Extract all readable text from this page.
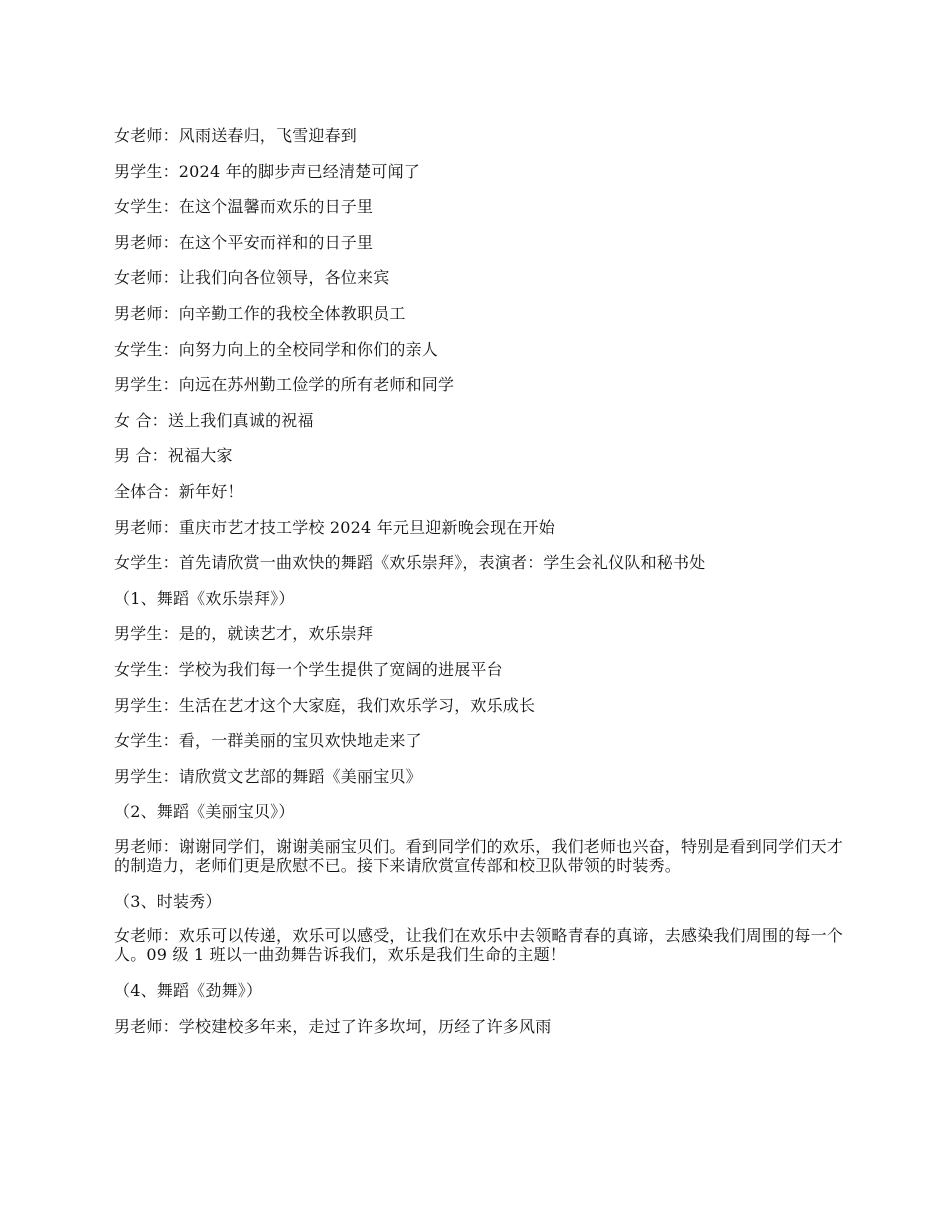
女老师：风雨送春归，飞雪迎春到

男学生：2024 年的脚步声已经清楚可闻了

女学生：在这个温馨而欢乐的日子里

男老师：在这个平安而祥和的日子里

女老师：让我们向各位领导，各位来宾

男老师：向辛勤工作的我校全体教职员工

女学生：向努力向上的全校同学和你们的亲人

男学生：向远在苏州勤工俭学的所有老师和同学

女 合：送上我们真诚的祝福

男 合：祝福大家

全体合：新年好！

男老师：重庆市艺才技工学校 2024 年元旦迎新晚会现在开始

女学生：首先请欣赏一曲欢快的舞蹈《欢乐崇拜》，表演者：学生会礼仪队和秘书处

（1、舞蹈《欢乐崇拜》）

男学生：是的，就读艺才，欢乐崇拜

女学生：学校为我们每一个学生提供了宽阔的进展平台

男学生：生活在艺才这个大家庭，我们欢乐学习，欢乐成长

女学生：看，一群美丽的宝贝欢快地走来了

男学生：请欣赏文艺部的舞蹈《美丽宝贝》

（2、舞蹈《美丽宝贝》）

男老师：谢谢同学们，谢谢美丽宝贝们。看到同学们的欢乐，我们老师也兴奋，特别是看到同学们天才的制造力，老师们更是欣慰不已。接下来请欣赏宣传部和校卫队带领的时装秀。

（3、时装秀）

女老师：欢乐可以传递，欢乐可以感受，让我们在欢乐中去领略青春的真谛，去感染我们周围的每一个人。09 级 1 班以一曲劲舞告诉我们，欢乐是我们生命的主题！

（4、舞蹈《劲舞》）

男老师：学校建校多年来，走过了许多坎坷，历经了许多风雨
